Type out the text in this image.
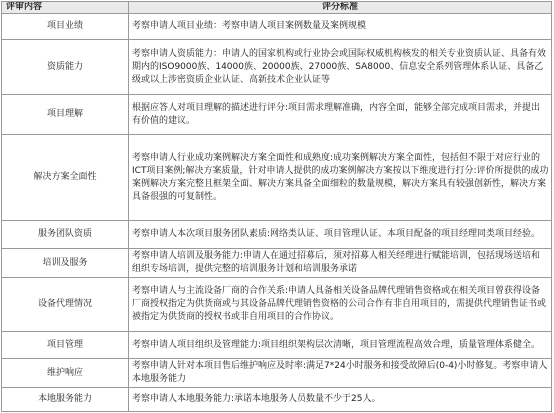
评审内容	评分标准
项目业绩	考察申请人项目业绩：考察申请人项目案例数量及案例规模
资质能力	考察申请人资质能力：申请人的国家机构或行业协会或国际权威机构核发的相关专业资质认证、具备有效期内的ISO9000族、14000族、20000族、27000族、SA8000、信息安全系列管理体系认证、具备乙级或以上涉密资质企业认证、高新技术企业认证等
项目理解	根据应答人对项目理解的描述进行评分:项目需求理解准确，内容全面，能够全部完成项目需求，并提出有价值的建议。
解决方案全面性	考察申请人行业成功案例解决方案全面性和成熟度:成功案例解决方案全面性，包括但不限于对应行业的ICT项目案例;解决方案质量，针对申请人提供的成功案例解决方案按以下维度进行打分:评价所提供的成功案例解决方案完整且框架全面、解决方案具备全面细粒的数量规模，解决方案具有较强创新性，解决方案具备很强的可复制性。
服务团队资质	考察申请人本次项目服务团队素质:网络类认证、项目管理认证、本项目配备的项目经理同类项目经验。
培训及服务	考察申请人培训及服务能力:申请人在通过招募后，须对招募人相关经理进行赋能培训，包括现场送培和组织专场培训，提供完整的培训服务计划和培训服务承诺
设备代理情况	考察申请人与主流设备厂商的合作关系:申请人具备相关设备品牌代理销售资格或在相关项目曾获得设备厂商授权指定为供货商或与其设备品牌代理销售资格的公司合作有非自用项目的，需提供代理销售证书或被指定为供货商的授权书或非自用项目的合作协议。
项目管理	考察申请人项目组织及管理能力:项目组织架构层次清晰，项目管理流程高效合理，质量管理体系健全。
维护响应	考察申请人针对本项目售后维护响应及时率:满足7*24小时服务和接受故障后(0-4)小时修复。考察申请人本地服务能力
本地服务能力	考察申请人本地服务能力:承诺本地服务人员数量不少于25人。
